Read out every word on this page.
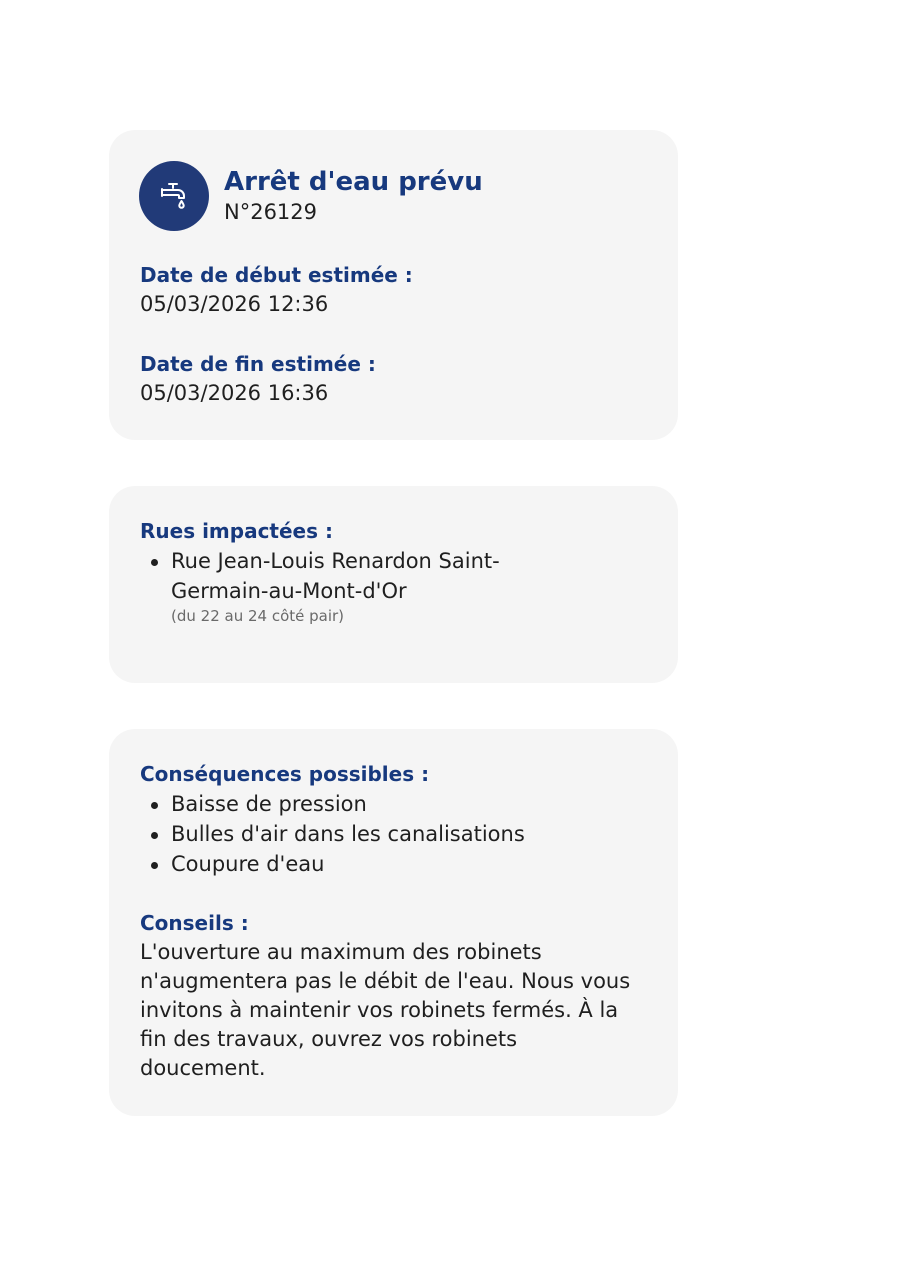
Arrêt d'eau prévu
N°26129
Date de début estimée :
05/03/2026 12:36
Date de fin estimée :
05/03/2026 16:36
Rues impactées :
Rue Jean-Louis Renardon Saint-Germain-au-Mont-d'Or
(du 22 au 24 côté pair)
Conséquences possibles :
Baisse de pression
Bulles d'air dans les canalisations
Coupure d'eau
Conseils :
L'ouverture au maximum des robinets n'augmentera pas le débit de l'eau. Nous vous invitons à maintenir vos robinets fermés. À la fin des travaux, ouvrez vos robinets doucement.
